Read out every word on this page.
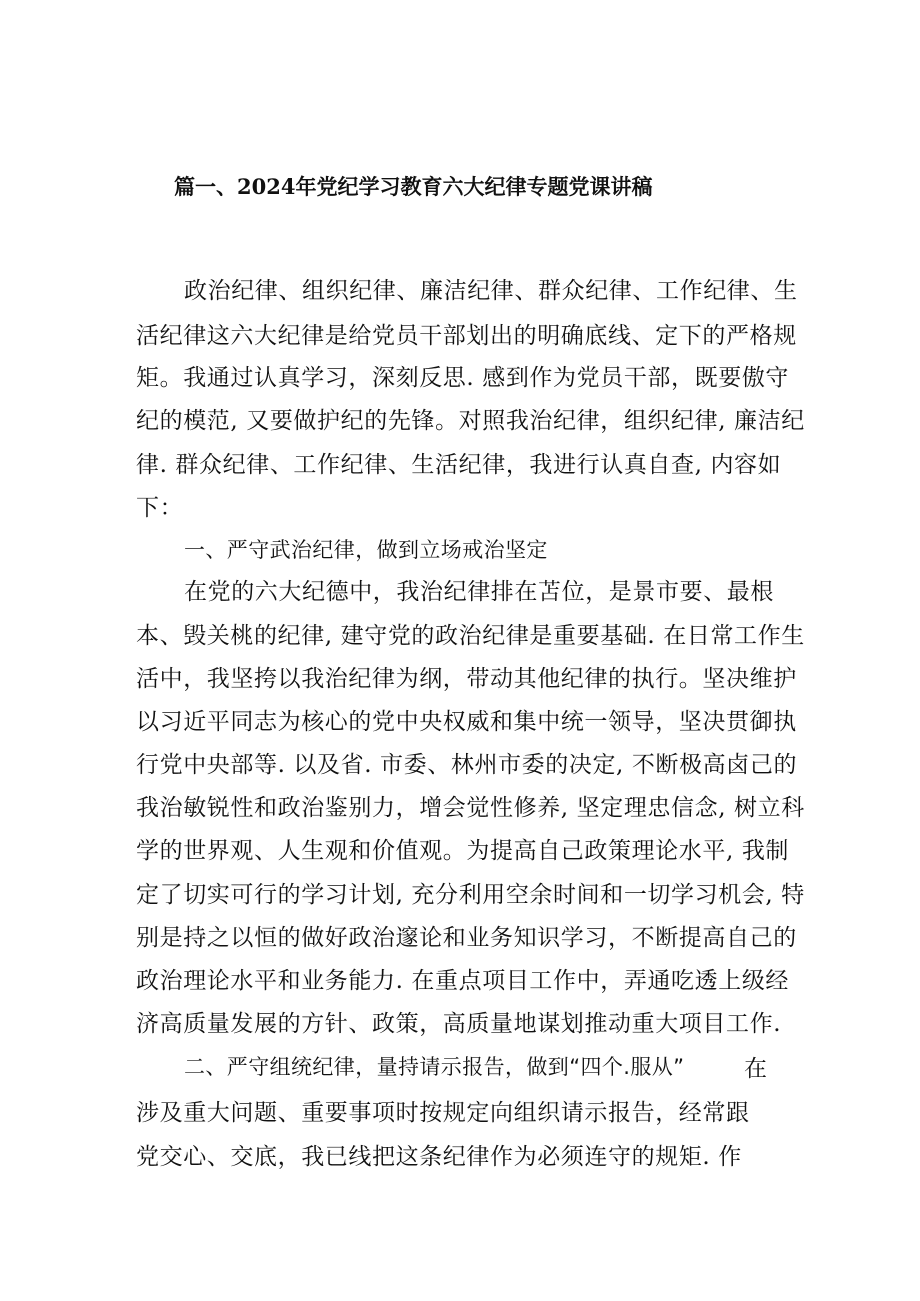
篇一、2024年党纪学习教育六大纪律专题党课讲稿
政治纪律、组织纪律、廉洁纪律、群众纪律、工作纪律、生
活纪律这六大纪律是给党员干部划出的明确底线、定下的严格规
矩。我通过认真学习，深刻反思. 感到作为党员干部，既要傲守
纪的模范, 又要做护纪的先锋。对照我治纪律，组织纪律, 廉洁纪
律. 群众纪律、工作纪律、生活纪律，我进行认真自查, 内容如
下：
一、严守武治纪律，做到立场戒治坚定
在党的六大纪德中，我治纪律排在苫位，是景市要、最根
本、毁关桃的纪律, 建守党的政治纪律是重要基础. 在日常工作生
活中，我坚挎以我治纪律为纲，带动其他纪律的执行。坚决维护
以习近平同志为核心的党中央权威和集中统一领导，坚决贯御执
行党中央部等. 以及省. 市委、林州市委的决定, 不断极高卤己的
我治敏锐性和政治鉴别力，增会觉性修养, 坚定理忠信念, 树立科
学的世界观、人生观和价值观。为提高自己政策理论水平, 我制
定了切实可行的学习计划, 充分利用空余时间和一切学习机会, 特
别是持之以恒的做好政治邃论和业务知识学习，不断提高自己的
政治理论水平和业务能力. 在重点项目工作中，弄通吃透上级经
济高质量发展的方针、政策，高质量地谋划推动重大项目工作.
二、严守组统纪律，量持请示报告，做到“四个.服从”	在
涉及重大问题、重要事项时按规定向组织请示报告，经常跟
党交心、交底，我已线把这条纪律作为必须连守的规矩. 作
